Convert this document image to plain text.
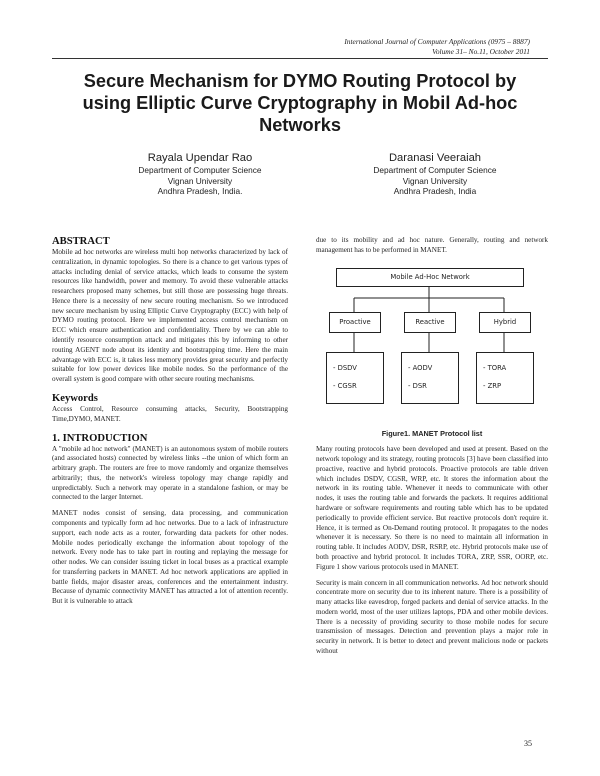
International Journal of Computer Applications (0975 – 8887)
Volume 31– No.11, October 2011
Secure Mechanism for DYMO Routing Protocol by
using Elliptic Curve Cryptography in Mobil Ad-hoc
Networks
Rayala Upendar Rao
Department of Computer Science
Vignan University
Andhra Pradesh, India.
Daranasi Veeraiah
Department of Computer Science
Vignan University
Andhra Pradesh, India
ABSTRACT

Mobile ad hoc networks are wireless multi hop networks characterized by lack of centralization, in dynamic topologies. So there is a chance to get various types of attacks including denial of service attacks, which leads to consume the system resources like handwidth, power and memory. To avoid these vulnerable attacks researchers proposed many schemes, but still those are possessing huge threats. Hence there is a necessity of new secure routing mechanism. So we introduced new secure mechanism by using Elliptic Curve Cryptography (ECC) with help of DYMO routing protocol. Here we implemented access control mechanism on ECC which ensure authentication and confidentiality. There by we can able to identify resource consumption attack and mitigates this by informing to other routing AGENT node about its identity and bootstrapping time. Here the main advantage with ECC is, it takes less memory provides great security and perfectly suitable for low power devices like mobile nodes. So the performance of the overall system is good compare with other secure routing mechanisms.

Keywords

Access Control, Resource consuming attacks, Security, Bootstrapping Time,DYMO, MANET.

1. INTRODUCTION

A "mobile ad hoc network" (MANET) is an autonomous system of mobile routers (and associated hosts) connected by wireless links --the union of which form an arbitrary graph. The routers are free to move randomly and organize themselves arbitrarily; thus, the network's wireless topology may change rapidly and unpredictably. Such a network may operate in a standalone fashion, or may be connected to the larger Internet.

MANET nodes consist of sensing, data processing, and communication components and typically form ad hoc networks. Due to a lack of infrastructure support, each node acts as a router, forwarding data packets for other nodes. Mobile nodes periodically exchange the information about topology of the network. Every node has to take part in routing and replaying the message for other nodes. We can consider issuing ticket in local buses as a practical example for transferring packets in MANET. Ad hoc network applications are applied in battle fields, major disaster areas, conferences and the entertainment industry. Because of dynamic connectivity MANET has attracted a lot of attention recently. But it is vulnerable to attack

due to its mobility and ad hoc nature. Generally, routing and network management has to be performed in MANET.

Mobile Ad-Hoc Network
Proactive	Reactive	Hybrid
- DSDV
- CGSR
- AODV
- DSR
- TORA
- ZRP
Figure1. MANET Protocol list

Many routing protocols have been developed and used at present. Based on the network topology and its strategy, routing protocols [3] have been classified into proactive, reactive and hybrid protocols. Proactive protocols are table driven which includes DSDV, CGSR, WRP, etc. It stores the information about the network in its routing table. Whenever it needs to communicate with other nodes, it uses the routing table and forwards the packets. It requires additional hardware or software requirements and routing table which has to be updated periodically to provide efficient service. But reactive protocols don't require it. Hence, it is termed as On-Demand routing protocol. It propagates to the nodes whenever it is necessary. So there is no need to maintain all information in routing table. It includes AODV, DSR, RSRP, etc. Hybrid protocols make use of both proactive and hybrid protocol. It includes TORA, ZRP, SSR, OORP, etc. Figure 1 show various protocols used in MANET.

Security is main concern in all communication networks. Ad hoc network should concentrate more on security due to its inherent nature. There is a possibility of many attacks like eavesdrop, forged packets and denial of service attacks. In the modern world, most of the user utilizes laptops, PDA and other mobile devices. There is a necessity of providing security to those mobile nodes for secure transmission of messages. Detection and prevention plays a major role in security in network. It is better to detect and prevent malicious node or packets without

35
